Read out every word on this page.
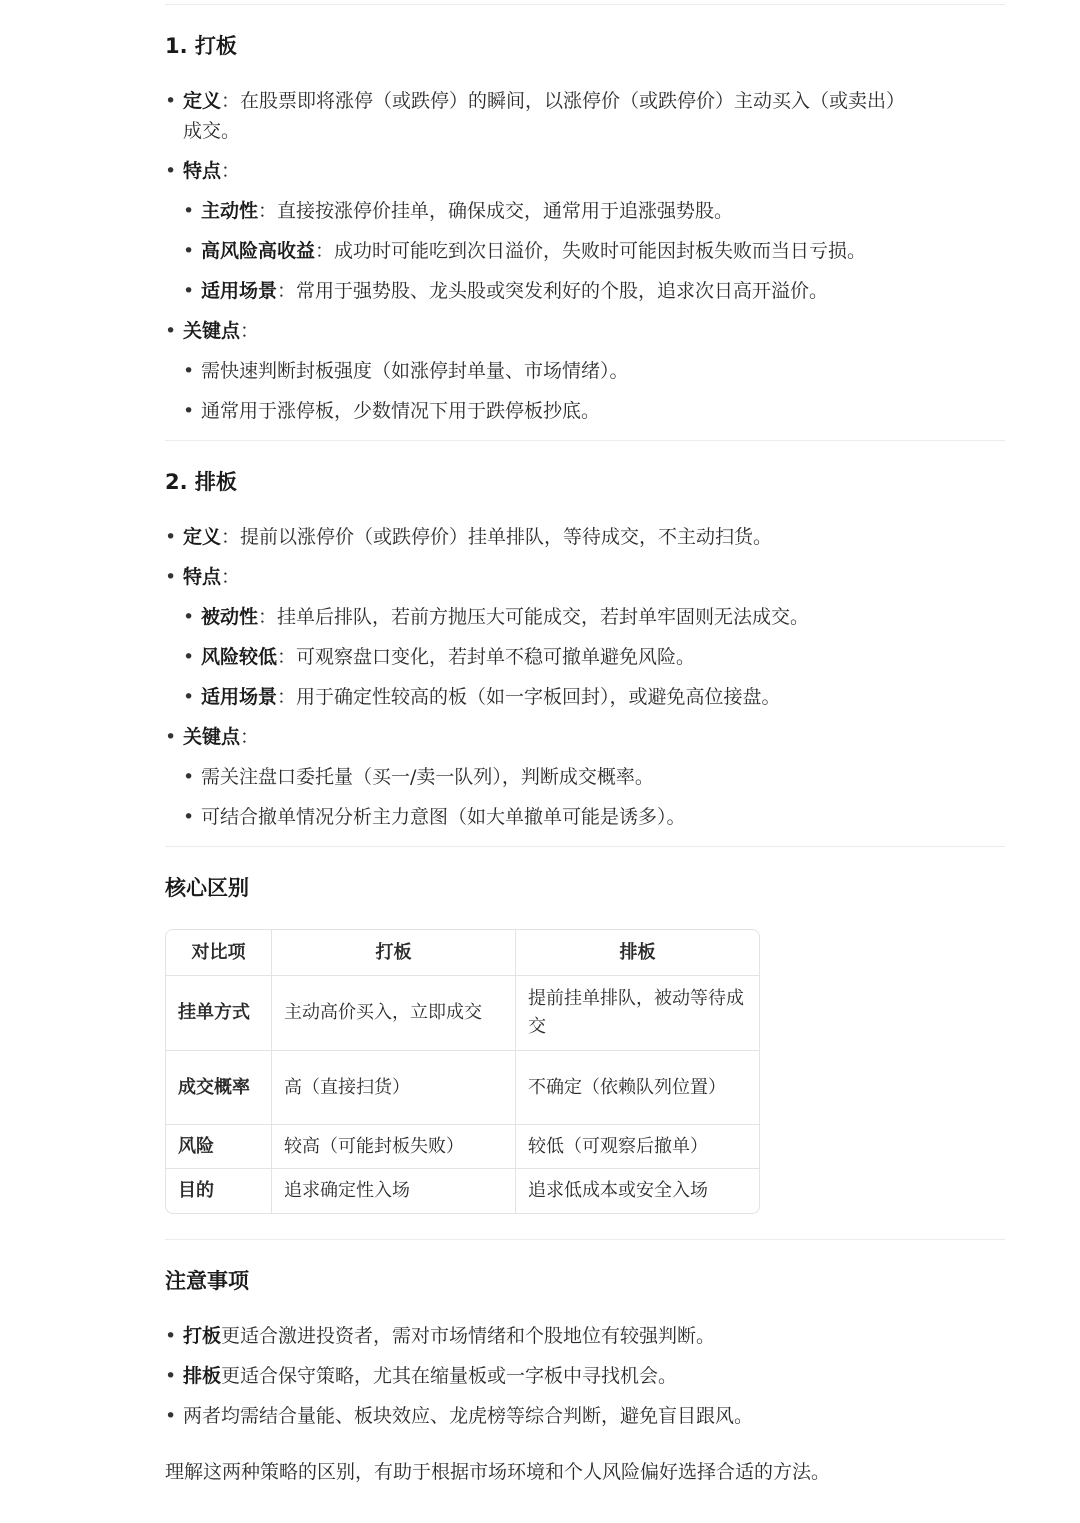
1. 打板
• 定义：在股票即将涨停（或跌停）的瞬间，以涨停价（或跌停价）主动买入（或卖出）
成交。
• 特点：
• 主动性：直接按涨停价挂单，确保成交，通常用于追涨强势股。
• 高风险高收益：成功时可能吃到次日溢价，失败时可能因封板失败而当日亏损。
• 适用场景：常用于强势股、龙头股或突发利好的个股，追求次日高开溢价。
• 关键点：
• 需快速判断封板强度（如涨停封单量、市场情绪）。
• 通常用于涨停板，少数情况下用于跌停板抄底。
2. 排板
• 定义：提前以涨停价（或跌停价）挂单排队，等待成交，不主动扫货。
• 特点：
• 被动性：挂单后排队，若前方抛压大可能成交，若封单牢固则无法成交。
• 风险较低：可观察盘口变化，若封单不稳可撤单避免风险。
• 适用场景：用于确定性较高的板（如一字板回封），或避免高位接盘。
• 关键点：
• 需关注盘口委托量（买一/卖一队列），判断成交概率。
• 可结合撤单情况分析主力意图（如大单撤单可能是诱多）。
核心区别
对比项	打板	排板
挂单方式	主动高价买入，立即成交	提前挂单排队，被动等待成交
成交概率	高（直接扫货）	不确定（依赖队列位置）
风险	较高（可能封板失败）	较低（可观察后撤单）
目的	追求确定性入场	追求低成本或安全入场
注意事项
• 打板更适合激进投资者，需对市场情绪和个股地位有较强判断。
• 排板更适合保守策略，尤其在缩量板或一字板中寻找机会。
• 两者均需结合量能、板块效应、龙虎榜等综合判断，避免盲目跟风。

理解这两种策略的区别，有助于根据市场环境和个人风险偏好选择合适的方法。
